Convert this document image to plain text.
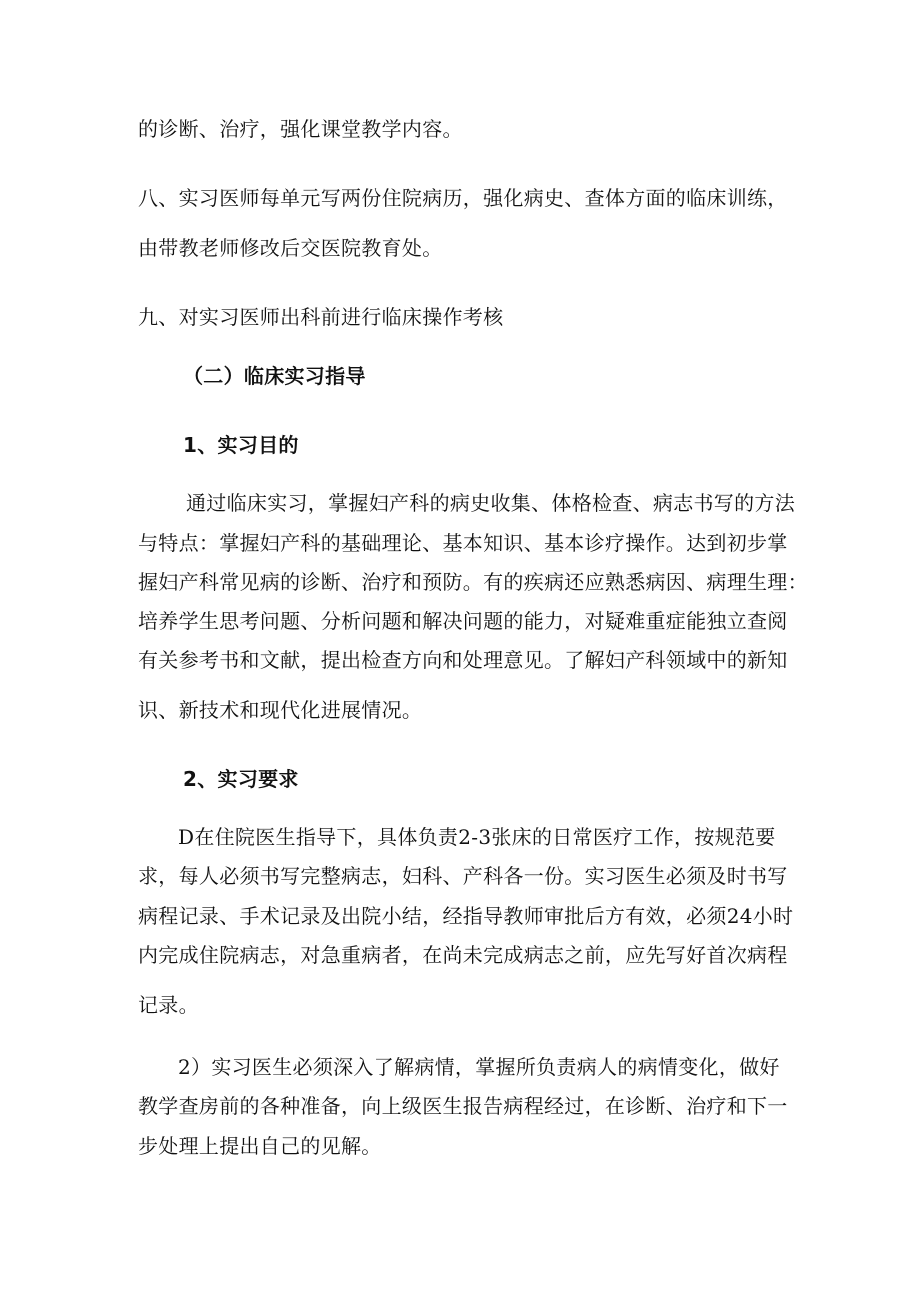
的诊断、治疗，强化课堂教学内容。
八、实习医师每单元写两份住院病历，强化病史、查体方面的临床训练，
由带教老师修改后交医院教育处。
九、对实习医师出科前进行临床操作考核
（二）临床实习指导
1、实习目的
通过临床实习，掌握妇产科的病史收集、体格检查、病志书写的方法
与特点：掌握妇产科的基础理论、基本知识、基本诊疗操作。达到初步掌
握妇产科常见病的诊断、治疗和预防。有的疾病还应熟悉病因、病理生理：
培养学生思考问题、分析问题和解决问题的能力，对疑难重症能独立查阅
有关参考书和文献，提出检查方向和处理意见。了解妇产科领域中的新知
识、新技术和现代化进展情况。
2、实习要求
D在住院医生指导下，具体负责2-3张床的日常医疗工作，按规范要
求，每人必须书写完整病志，妇科、产科各一份。实习医生必须及时书写
病程记录、手术记录及出院小结，经指导教师审批后方有效，必须24小时
内完成住院病志，对急重病者，在尚未完成病志之前，应先写好首次病程
记录。
2）实习医生必须深入了解病情，掌握所负责病人的病情变化，做好
教学查房前的各种准备，向上级医生报告病程经过，在诊断、治疗和下一
步处理上提出自己的见解。
